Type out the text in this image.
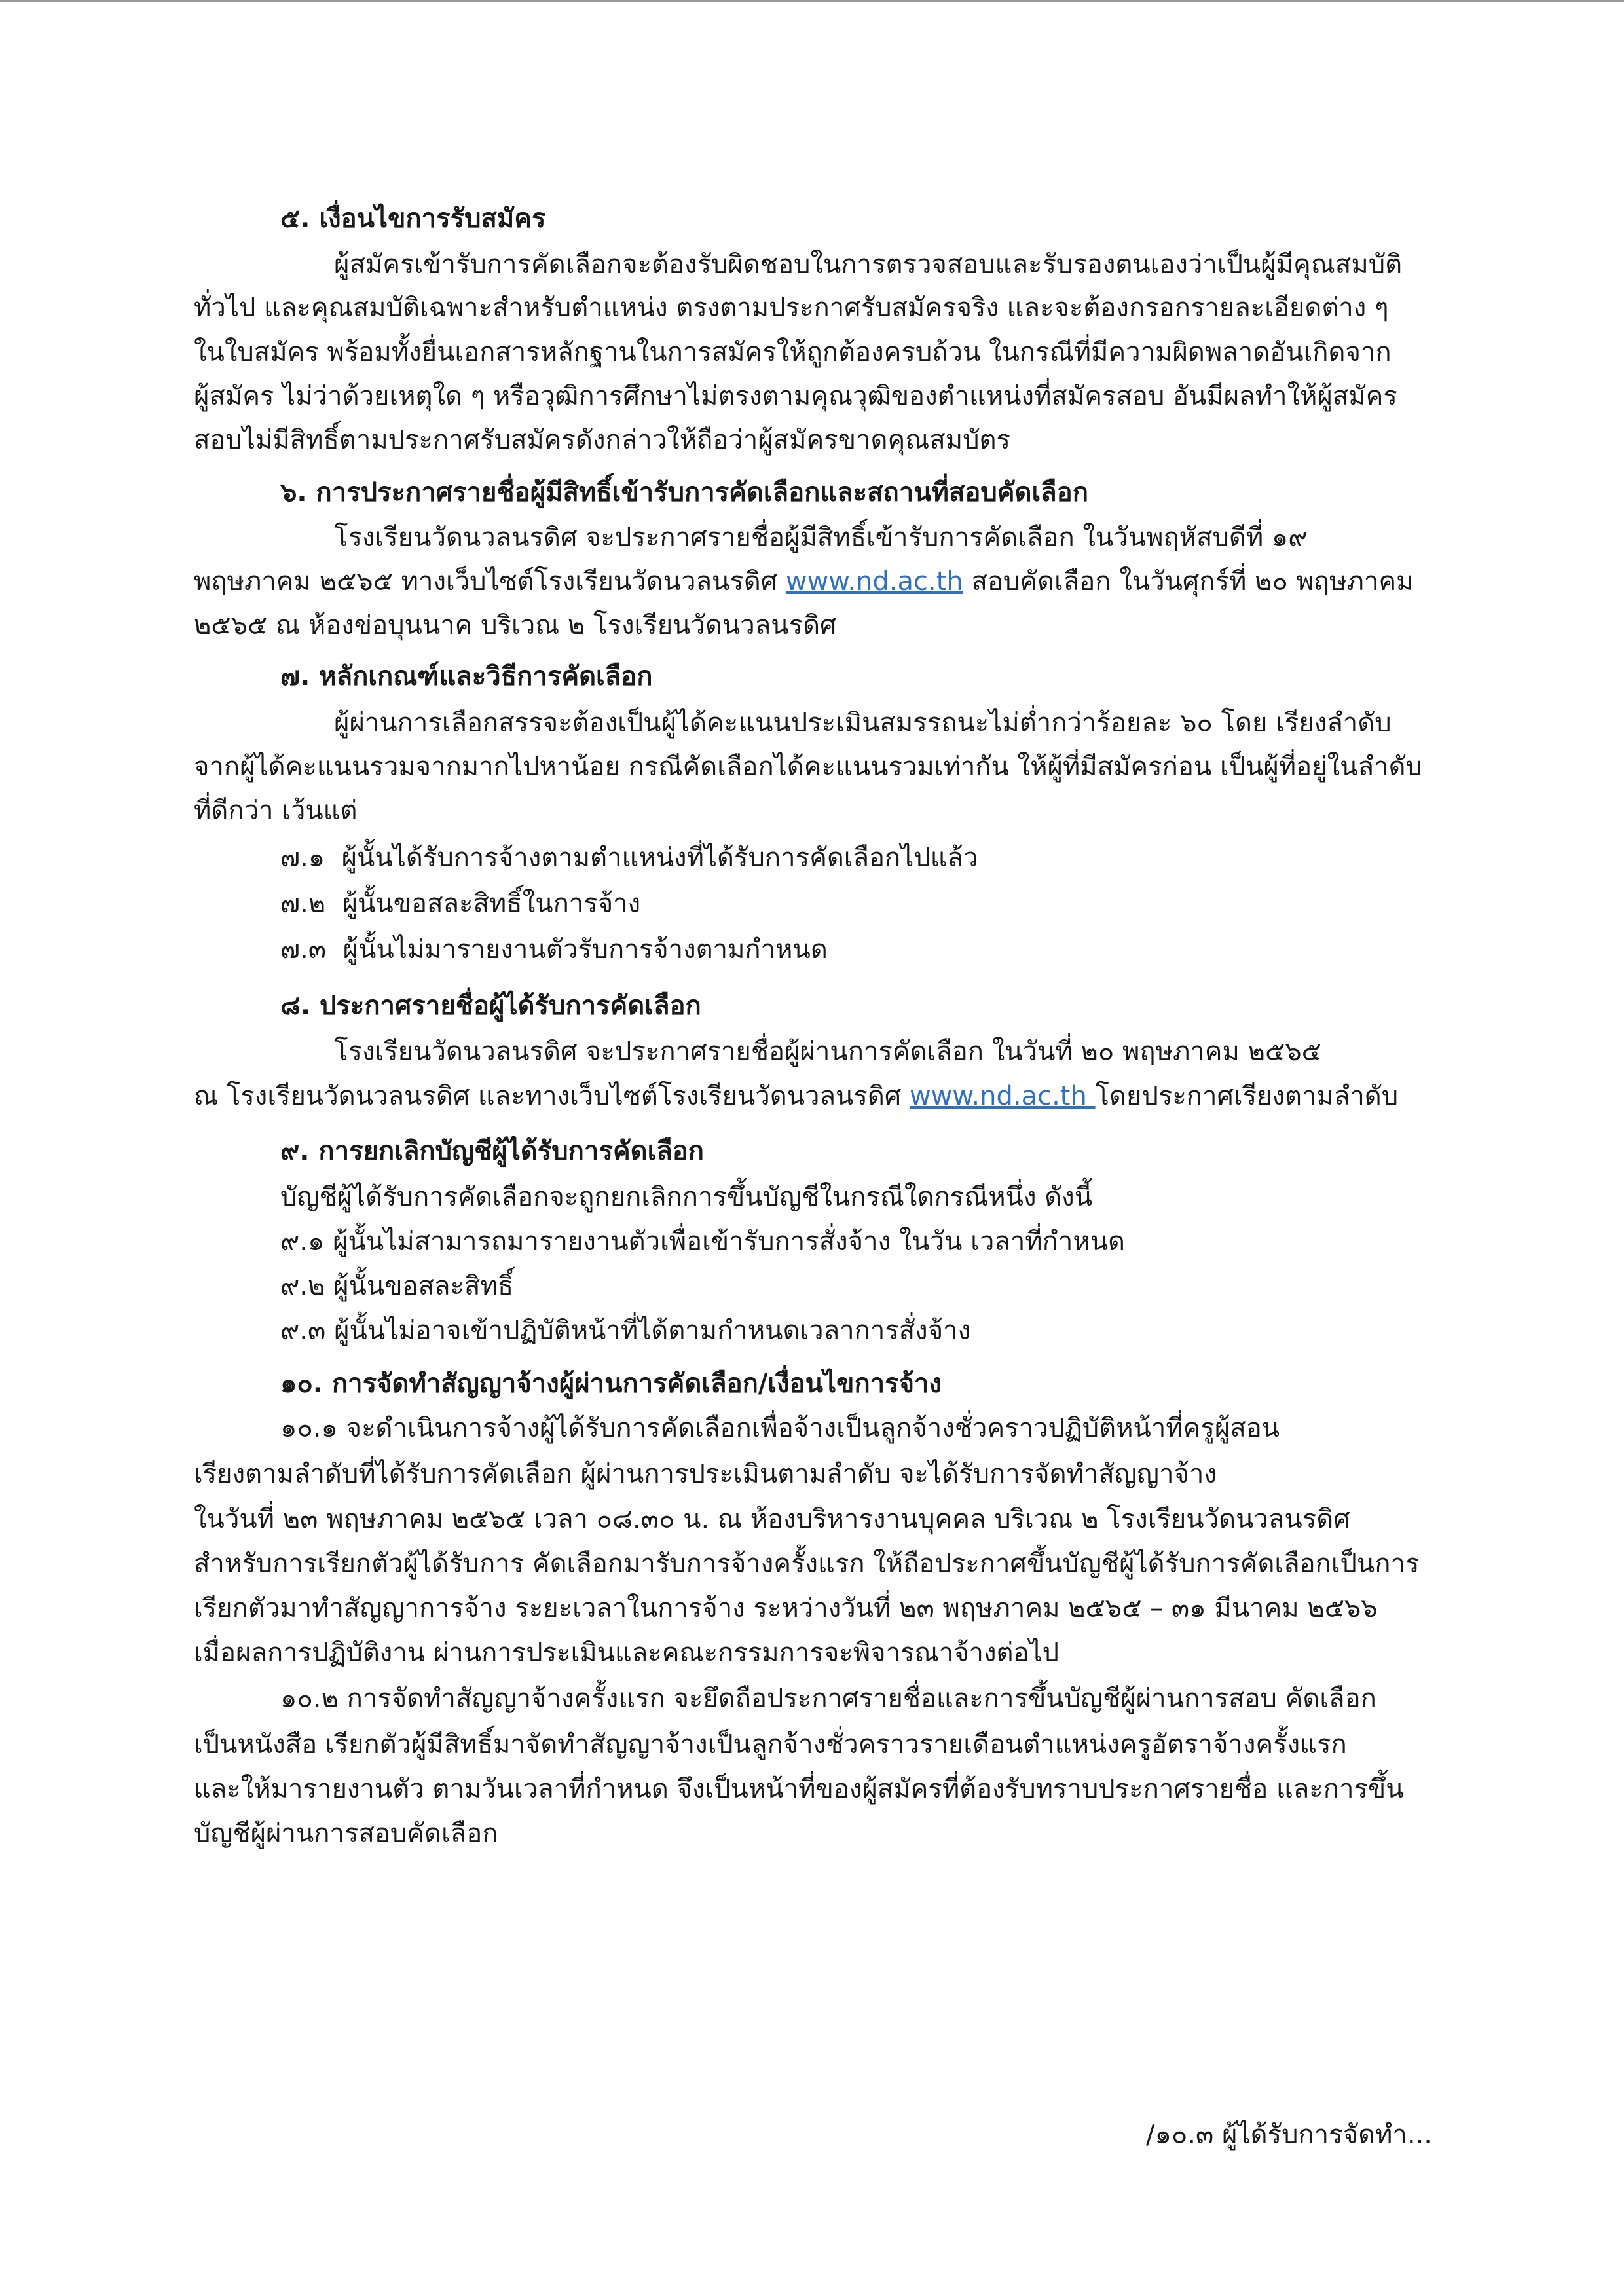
๕. เงื่อนไขการรับสมัคร
ผู้สมัครเข้ารับการคัดเลือกจะต้องรับผิดชอบในการตรวจสอบและรับรองตนเองว่าเป็นผู้มีคุณสมบัติ
ทั่วไป และคุณสมบัติเฉพาะสำหรับตำแหน่ง ตรงตามประกาศรับสมัครจริง และจะต้องกรอกรายละเอียดต่าง ๆ
ในใบสมัคร พร้อมทั้งยื่นเอกสารหลักฐานในการสมัครให้ถูกต้องครบถ้วน ในกรณีที่มีความผิดพลาดอันเกิดจาก
ผู้สมัคร ไม่ว่าด้วยเหตุใด ๆ หรือวุฒิการศึกษาไม่ตรงตามคุณวุฒิของตำแหน่งที่สมัครสอบ อันมีผลทำให้ผู้สมัคร
สอบไม่มีสิทธิ์ตามประกาศรับสมัครดังกล่าวให้ถือว่าผู้สมัครขาดคุณสมบัตร
๖. การประกาศรายชื่อผู้มีสิทธิ์เข้ารับการคัดเลือกและสถานที่สอบคัดเลือก
โรงเรียนวัดนวลนรดิศ จะประกาศรายชื่อผู้มีสิทธิ์เข้ารับการคัดเลือก ในวันพฤหัสบดีที่ ๑๙
พฤษภาคม ๒๕๖๕ ทางเว็บไซต์โรงเรียนวัดนวลนรดิศ www.nd.ac.th สอบคัดเลือก ในวันศุกร์ที่ ๒๐ พฤษภาคม
๒๕๖๕ ณ ห้องข่อบุนนาค บริเวณ ๒ โรงเรียนวัดนวลนรดิศ
๗. หลักเกณฑ์และวิธีการคัดเลือก
ผู้ผ่านการเลือกสรรจะต้องเป็นผู้ได้คะแนนประเมินสมรรถนะไม่ต่ำกว่าร้อยละ ๖๐ โดย เรียงลำดับ
จากผู้ได้คะแนนรวมจากมากไปหาน้อย กรณีคัดเลือกได้คะแนนรวมเท่ากัน ให้ผู้ที่มีสมัครก่อน เป็นผู้ที่อยู่ในลำดับ
ที่ดีกว่า เว้นแต่
๗.๑  ผู้นั้นได้รับการจ้างตามตำแหน่งที่ได้รับการคัดเลือกไปแล้ว
๗.๒  ผู้นั้นขอสละสิทธิ์ในการจ้าง
๗.๓  ผู้นั้นไม่มารายงานตัวรับการจ้างตามกำหนด
๘. ประกาศรายชื่อผู้ได้รับการคัดเลือก
โรงเรียนวัดนวลนรดิศ จะประกาศรายชื่อผู้ผ่านการคัดเลือก ในวันที่ ๒๐ พฤษภาคม ๒๕๖๕
ณ โรงเรียนวัดนวลนรดิศ และทางเว็บไซต์โรงเรียนวัดนวลนรดิศ www.nd.ac.th โดยประกาศเรียงตามลำดับ
๙. การยกเลิกบัญชีผู้ได้รับการคัดเลือก
บัญชีผู้ได้รับการคัดเลือกจะถูกยกเลิกการขึ้นบัญชีในกรณีใดกรณีหนึ่ง ดังนี้
๙.๑ ผู้นั้นไม่สามารถมารายงานตัวเพื่อเข้ารับการสั่งจ้าง ในวัน เวลาที่กำหนด
๙.๒ ผู้นั้นขอสละสิทธิ์
๙.๓ ผู้นั้นไม่อาจเข้าปฏิบัติหน้าที่ได้ตามกำหนดเวลาการสั่งจ้าง
๑๐. การจัดทำสัญญาจ้างผู้ผ่านการคัดเลือก/เงื่อนไขการจ้าง
๑๐.๑ จะดำเนินการจ้างผู้ได้รับการคัดเลือกเพื่อจ้างเป็นลูกจ้างชั่วคราวปฏิบัติหน้าที่ครูผู้สอน
เรียงตามลำดับที่ได้รับการคัดเลือก ผู้ผ่านการประเมินตามลำดับ จะได้รับการจัดทำสัญญาจ้าง
ในวันที่ ๒๓ พฤษภาคม ๒๕๖๕ เวลา ๐๘.๓๐ น. ณ ห้องบริหารงานบุคคล บริเวณ ๒ โรงเรียนวัดนวลนรดิศ
สำหรับการเรียกตัวผู้ได้รับการ คัดเลือกมารับการจ้างครั้งแรก ให้ถือประกาศขึ้นบัญชีผู้ได้รับการคัดเลือกเป็นการ
เรียกตัวมาทำสัญญาการจ้าง ระยะเวลาในการจ้าง ระหว่างวันที่ ๒๓ พฤษภาคม ๒๕๖๕ – ๓๑ มีนาคม ๒๕๖๖
เมื่อผลการปฏิบัติงาน ผ่านการประเมินและคณะกรรมการจะพิจารณาจ้างต่อไป
๑๐.๒ การจัดทำสัญญาจ้างครั้งแรก จะยึดถือประกาศรายชื่อและการขึ้นบัญชีผู้ผ่านการสอบ คัดเลือก
เป็นหนังสือ เรียกตัวผู้มีสิทธิ์มาจัดทำสัญญาจ้างเป็นลูกจ้างชั่วคราวรายเดือนตำแหน่งครูอัตราจ้างครั้งแรก
และให้มารายงานตัว ตามวันเวลาที่กำหนด จึงเป็นหน้าที่ของผู้สมัครที่ต้องรับทราบประกาศรายชื่อ และการขึ้น
บัญชีผู้ผ่านการสอบคัดเลือก
/๑๐.๓ ผู้ได้รับการจัดทำ...
